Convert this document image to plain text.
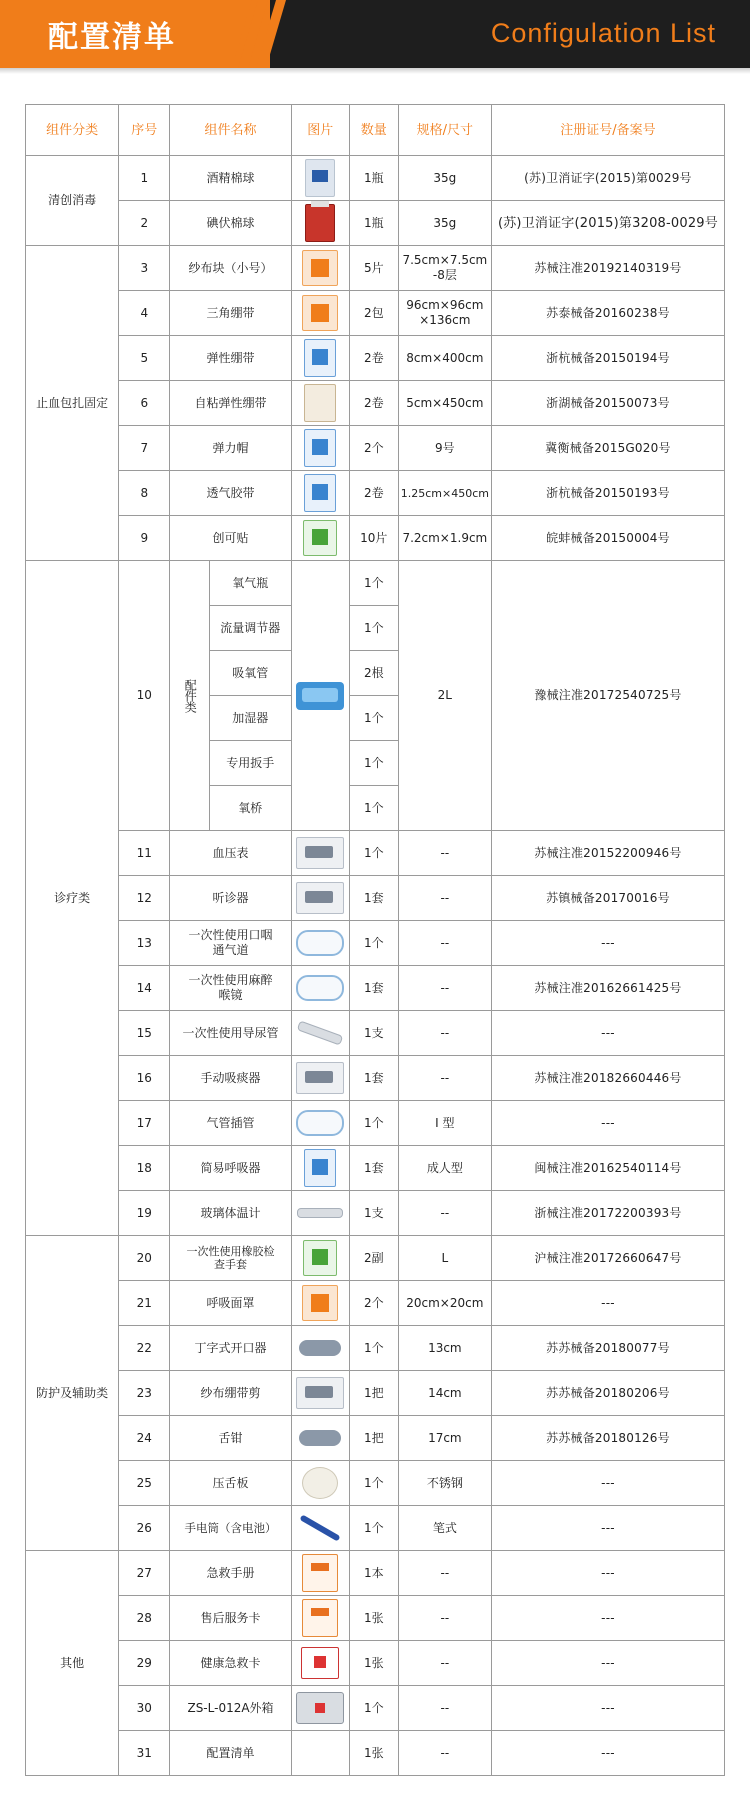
配置清单	Configulation List
组件分类	序号	组件名称		图片	数量	规格/尺寸	注册证号/备案号
清创消毒	1	酒精棉球			1瓶	35g	(苏)卫消证字(2015)第0029号
	2	碘伏棉球			1瓶	35g	(苏)卫消证字(2015)第3208-0029号
止血包扎固定	3	纱布块（小号）			5片	7.5cm×7.5cm -8层	苏械注准20192140319号
	4	三角绷带			2包	96cm×96cm ×136cm	苏泰械备20160238号
	5	弹性绷带			2卷	8cm×400cm	浙杭械备20150194号
	6	自粘弹性绷带			2卷	5cm×450cm	浙湖械备20150073号
	7	弹力帽			2个	9号	冀衡械备2015G020号
	8	透气胶带			2卷	1.25cm×450cm	浙杭械备20150193号
	9	创可贴			10片	7.2cm×1.9cm	皖蚌械备20150004号
诊疗类	10	配件类	氧气瓶		1个	2L	豫械注准20172540725号
			流量调节器		1个		
			吸氧管		2根		
			加湿器		1个		
			专用扳手		1个		
			氧桥		1个		
	11	血压表			1个	--	苏械注准20152200946号
	12	听诊器			1套	--	苏镇械备20170016号
	13	一次性使用口咽通气道			1个	--	---
	14	一次性使用麻醉喉镜			1套	--	苏械注准20162661425号
	15	一次性使用导尿管			1支	--	---
	16	手动吸痰器			1套	--	苏械注准20182660446号
	17	气管插管			1个	I 型	---
	18	简易呼吸器			1套	成人型	闽械注准20162540114号
	19	玻璃体温计			1支	--	浙械注准20172200393号
防护及辅助类	20	一次性使用橡胶检查手套			2副	L	沪械注准20172660647号
	21	呼吸面罩			2个	20cm×20cm	---
	22	丁字式开口器			1个	13cm	苏苏械备20180077号
	23	纱布绷带剪			1把	14cm	苏苏械备20180206号
	24	舌钳			1把	17cm	苏苏械备20180126号
	25	压舌板			1个	不锈钢	---
	26	手电筒（含电池）			1个	笔式	---
其他	27	急救手册			1本	--	---
	28	售后服务卡			1张	--	---
	29	健康急救卡			1张	--	---
	30	ZS-L-012A外箱			1个	--	---
	31	配置清单			1张	--	---
